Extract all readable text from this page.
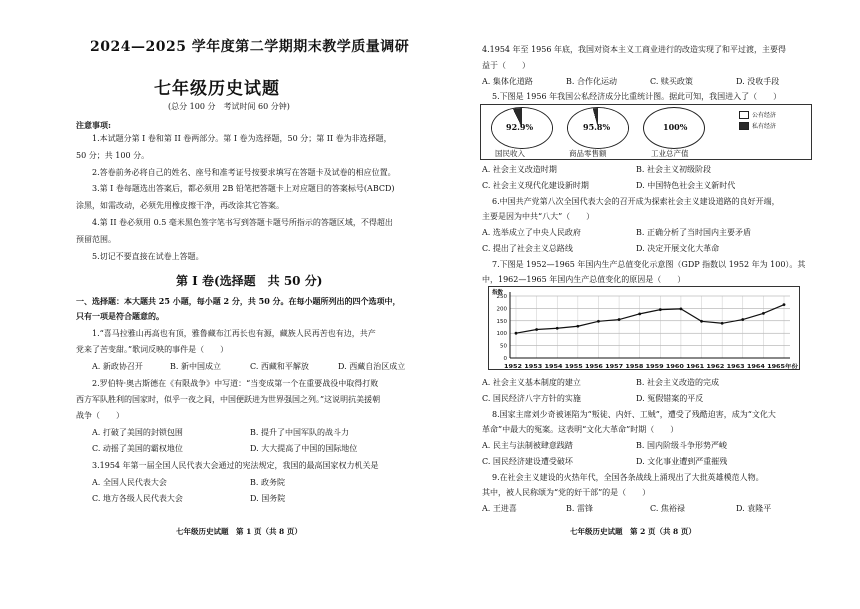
2024—2025 学年度第二学期期末教学质量调研
七年级历史试题
(总分 100 分　考试时间 60 分钟)
注意事项:
1.本试题分第 I 卷和第 II 卷两部分。第 I 卷为选择题，50 分；第 II 卷为非选择题，
50 分；共 100 分。
2.答卷前务必将自己的姓名、座号和准考证号按要求填写在答题卡及试卷的相应位置。
3.第 I 卷每题选出答案后，都必须用 2B 铅笔把答题卡上对应题目的答案标号(ABCD)
涂黑，如需改动，必须先用橡皮擦干净，再改涂其它答案。
4.第 II 卷必须用 0.5 毫米黑色签字笔书写到答题卡题号所指示的答题区域，不得超出
预留范围。
5.切记不要直接在试卷上答题。
第 I 卷(选择题　共 50 分)
一、选择题：本大题共 25 小题，每小题 2 分，共 50 分。在每小题所列出的四个选项中，
只有一项是符合题意的。
1.“喜马拉雅山再高也有顶，雅鲁藏布江再长也有源，藏族人民再苦也有边，共产
党来了苦变甜。”歌词反映的事件是（　　）
A. 新政协召开	B. 新中国成立	C. 西藏和平解放	D. 西藏自治区成立
2.罗伯特·奥古斯德在《有限战争》中写道：“当变成第一个在重要战役中取得打败
西方军队胜利的国家时，似乎一夜之间，中国便跃进为世界强国之列。”这说明抗美援朝
战争（　　）
A. 打破了美国的封锁包围	B. 提升了中国军队的战斗力
C. 动摇了美国的霸权地位	D. 大大提高了中国的国际地位
3.1954 年第一届全国人民代表大会通过的宪法规定，我国的最高国家权力机关是
A. 全国人民代表大会	B. 政务院
C. 地方各级人民代表大会	D. 国务院
七年级历史试题　第 1 页（共 8 页）
4.1954 年至 1956 年底，我国对资本主义工商业进行的改造实现了和平过渡，主要得
益于（　　）
A. 集体化道路	B. 合作化运动	C. 赎买政策	D. 没收手段
5.下图是 1956 年我国公私经济成分比重统计图。据此可知，我国进入了（　　）
公有经济
私有经济
92.9%	95.8%	100%
国民收入	商品零售额	工业总产值
A. 社会主义改造时期	B. 社会主义初级阶段
C. 社会主义现代化建设新时期	D. 中国特色社会主义新时代
6.中国共产党第八次全国代表大会的召开成为探索社会主义建设道路的良好开端，
主要是因为中共“八大”（　　）
A. 选举成立了中央人民政府	B. 正确分析了当时国内主要矛盾
C. 提出了社会主义总路线	D. 决定开展文化大革命
7.下图是 1952—1965 年国内生产总值变化示意图（GDP 指数以 1952 年为 100）。其
中，1962—1965 年国内生产总值变化的原因是（　　）
0
50
100
150
200
250
指数
1952 1953 1954 1955 1956 1957 1958 1959 1960 1961 1962 1963 1964 1965年份
A. 社会主义基本制度的建立	B. 社会主义改造的完成
C. 国民经济八字方针的实施	D. 冤假错案的平反
8.国家主席刘少奇被诬陷为“叛徒、内奸、工贼”，遭受了残酷迫害，成为“文化大
革命”中最大的冤案。这表明“文化大革命”时期（　　）
A. 民主与法制被肆意践踏	B. 国内阶级斗争形势严峻
C. 国民经济建设遭受破坏	D. 文化事业遭到严重摧残
9.在社会主义建设的火热年代，全国各条战线上涌现出了大批英雄模范人物。
其中，被人民称颂为“党的好干部”的是（　　）
A. 王进喜	B. 雷锋	C. 焦裕禄	D. 袁隆平
七年级历史试题　第 2 页（共 8 页）
